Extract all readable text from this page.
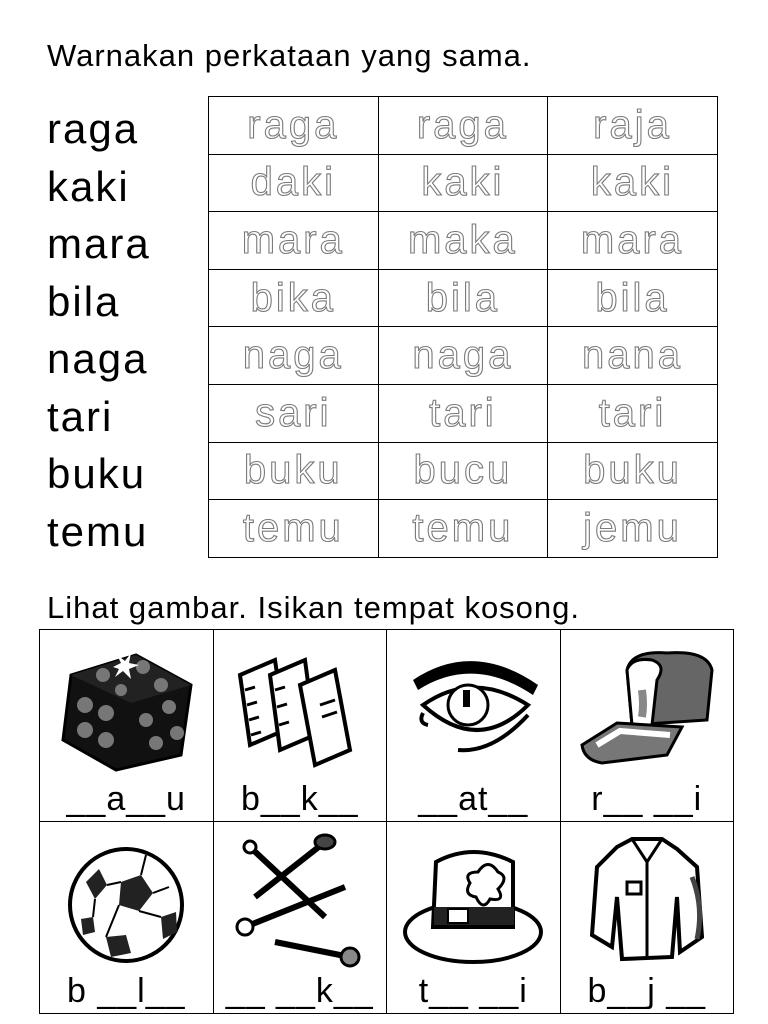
Warnakan perkataan yang sama.
raga
kaki
mara
bila
naga
tari
buku
temu
raga	raga	raja
daki	kaki	kaki
mara	maka	mara
bika	bila	bila
naga	naga	nana
sari	tari	tari
buku	bucu	buku
temu	temu	jemu
Lihat gambar. Isikan tempat kosong.
__a__u	b__k__	__at__	r__ __i

b __l__	__ __k__	t__ __i	b__j __
